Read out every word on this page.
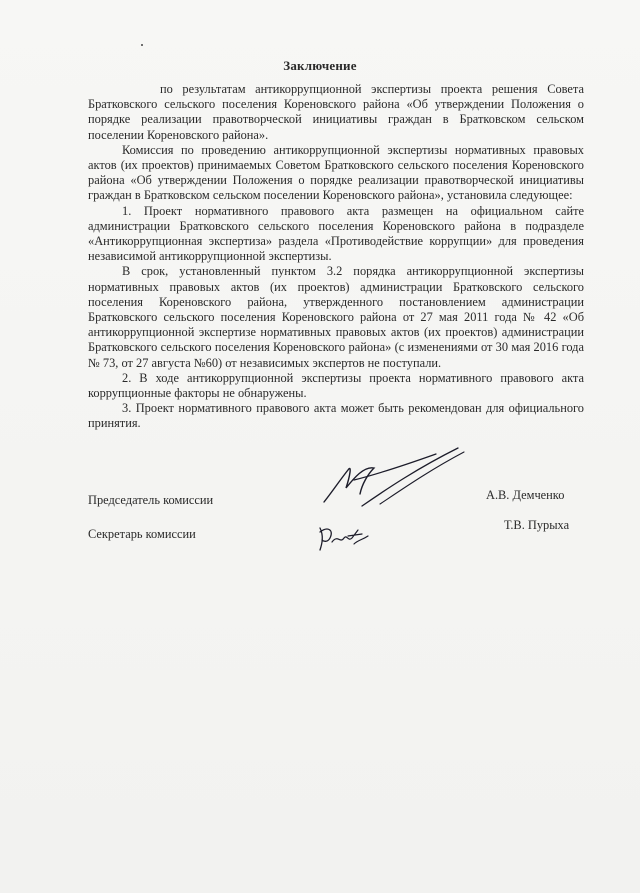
Заключение

по результатам антикоррупционной экспертизы проекта решения Совета Братковского сельского поселения Кореновского района «Об утверждении Положения о порядке реализации правотворческой инициативы граждан в Братковском сельском поселении Кореновского района».

Комиссия по проведению антикоррупционной экспертизы нормативных правовых актов (их проектов) принимаемых Советом Братковского сельского поселения Кореновского района «Об утверждении Положения о порядке реализации правотворческой инициативы граждан в Братковском сельском поселении Кореновского района», установила следующее:

1. Проект нормативного правового акта размещен на официальном сайте администрации Братковского сельского поселения Кореновского района в подразделе «Антикоррупционная экспертиза» раздела «Противодействие коррупции» для проведения независимой антикоррупционной экспертизы.

В срок, установленный пунктом 3.2 порядка антикоррупционной экспертизы нормативных правовых актов (их проектов) администрации Братковского сельского поселения Кореновского района, утвержденного постановлением администрации Братковского сельского поселения Кореновского района от 27 мая 2011 года № 42 «Об антикоррупционной экспертизе нормативных правовых актов (их проектов) администрации Братковского сельского поселения Кореновского района» (с изменениями от 30 мая 2016 года № 73, от 27 августа №60) от независимых экспертов не поступали.

2. В ходе антикоррупционной экспертизы проекта нормативного правового акта коррупционные факторы не обнаружены.

3. Проект нормативного правового акта может быть рекомендован для официального принятия.

Председатель комиссии	А.В. Демченко
Секретарь комиссии
Т.В. Пурыха
